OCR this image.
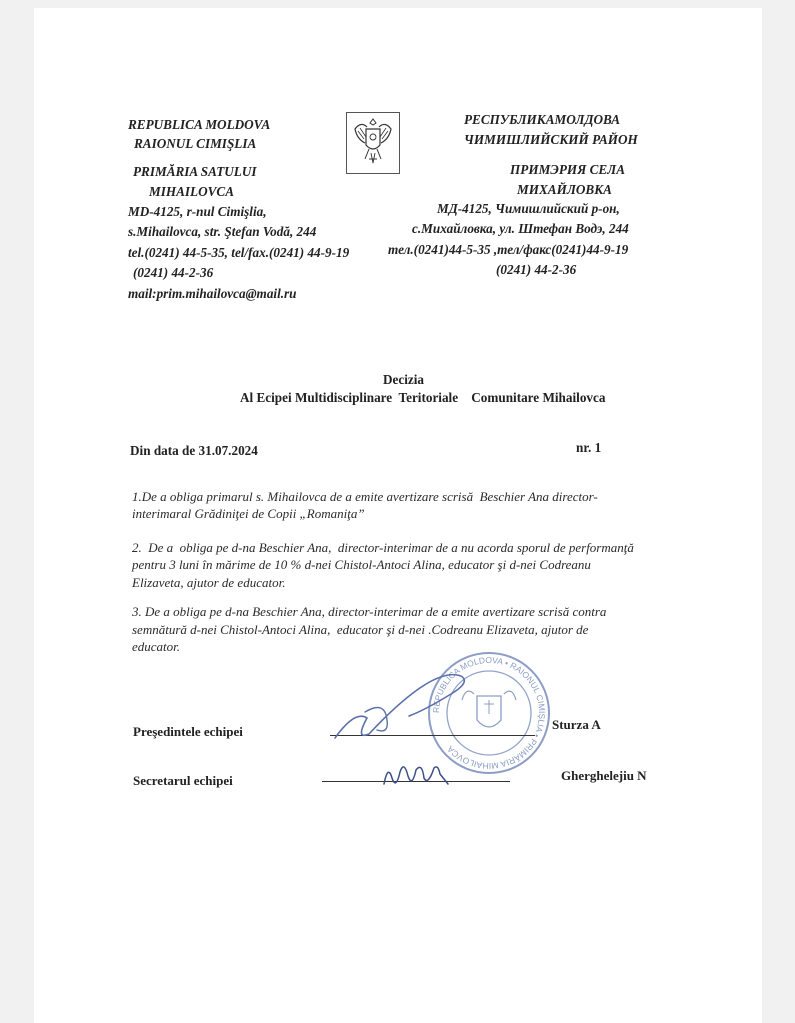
REPUBLICA MOLDOVA
RAIONUL CIMIŞLIA
PRIMĂRIA SATULUI
MIHAILOVCA
MD-4125, r-nul Cimişlia,
s.Mihailovca, str. Ştefan Vodă, 244
tel.(0241) 44-5-35, tel/fax.(0241) 44-9-19
(0241) 44-2-36
mail:prim.mihailovca@mail.ru
РЕСПУБЛИКАМОЛДОВА
ЧИМИШЛИЙСКИЙ РАЙОН
ПРИМЭРИЯ СЕЛА
МИХАЙЛОВКА
МД-4125, Чимишлийский р-он,
с.Михайловка, ул. Штефан Водэ, 244
тел.(0241)44-5-35 ,тел/факс(0241)44-9-19
(0241) 44-2-36
Decizia
Al Ecipei Multidisciplinare  Teritoriale    Comunitare Mihailovca
Din data de 31.07.2024	nr. 1
1.De a obliga primarul s. Mihailovca de a emite avertizare scrisă  Beschier Ana director-
interimaral Grădiniţei de Copii „Romaniţa”
2.  De a  obliga pe d-na Beschier Ana,  director-interimar de a nu acorda sporul de performanţă
pentru 3 luni în mărime de 10 % d-nei Chistol-Antoci Alina, educator şi d-nei Codreanu
Elizaveta, ajutor de educator.
3. De a obliga pe d-na Beschier Ana, director-interimar de a emite avertizare scrisă contra
semnătură d-nei Chistol-Antoci Alina,  educator şi d-nei .Codreanu Elizaveta, ajutor de
educator.
REPUBLICA MOLDOVA • RAIONUL CIMIŞLIA • PRIMĂRIA MIHAILOVCA
Preşedintele echipei	Sturza A
Secretarul echipei	Gherghelejiu N
